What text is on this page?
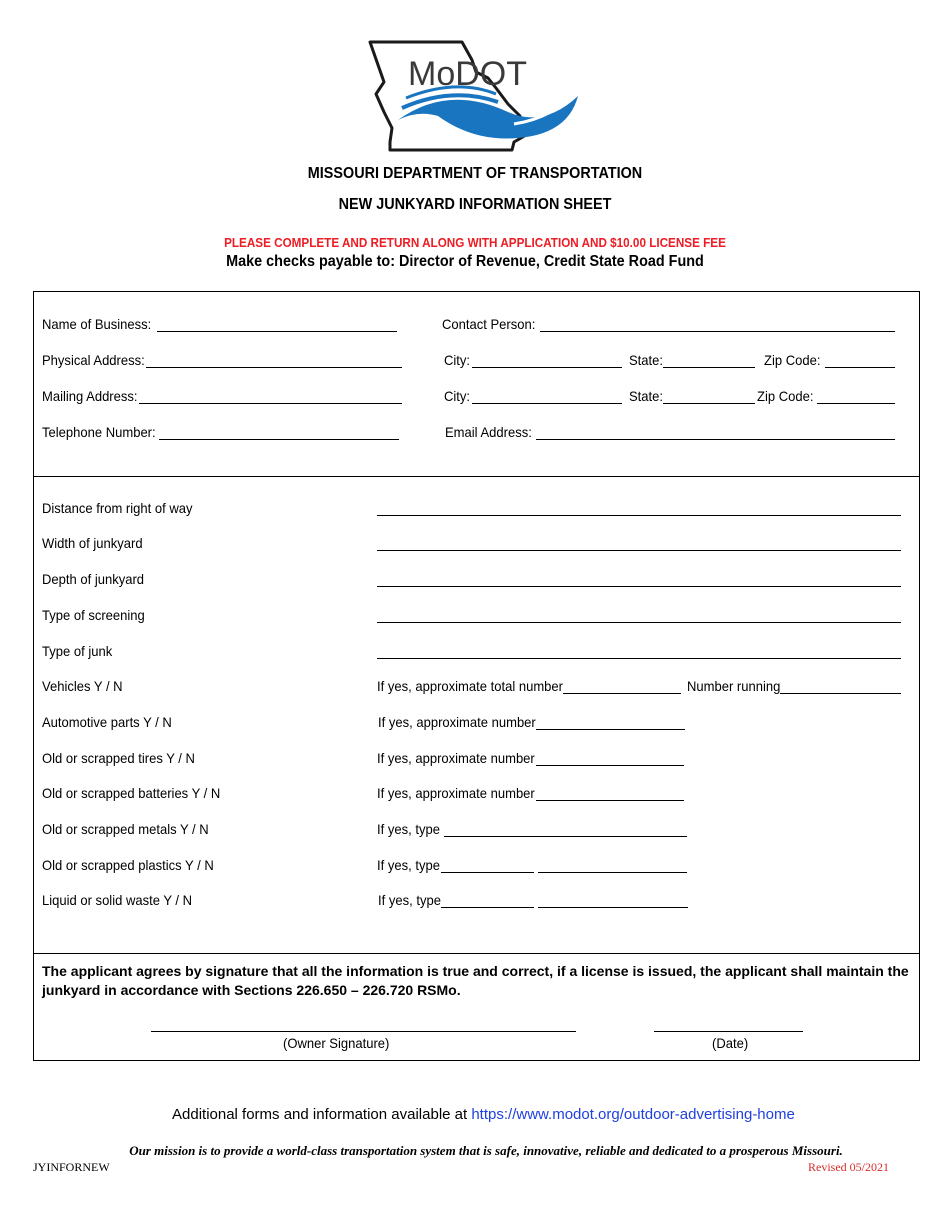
MoDOT
MISSOURI DEPARTMENT OF TRANSPORTATION
NEW JUNKYARD INFORMATION SHEET
PLEASE COMPLETE AND RETURN ALONG WITH APPLICATION AND $10.00 LICENSE FEE
Make checks payable to: Director of Revenue, Credit State Road Fund
Name of Business:	Contact Person:
Physical Address:	City:	State:	Zip Code:
Mailing Address:	City:	State:	Zip Code:
Telephone Number:	Email Address:
Distance from right of way
Width of junkyard
Depth of junkyard
Type of screening
Type of junk
Vehicles Y / N	If yes, approximate total number	Number running
Automotive parts Y / N	If yes, approximate number
Old or scrapped tires Y / N	If yes, approximate number
Old or scrapped batteries Y / N	If yes, approximate number
Old or scrapped metals Y / N	If yes, type
Old or scrapped plastics Y / N	If yes, type
Liquid or solid waste Y / N	If yes, type
The applicant agrees by signature that all the information is true and correct, if a license is issued, the applicant shall maintain the junkyard in accordance with Sections 226.650 – 226.720 RSMo.
(Owner Signature)	(Date)
Additional forms and information available at https://www.modot.org/outdoor-advertising-home
Our mission is to provide a world-class transportation system that is safe, innovative, reliable and dedicated to a prosperous Missouri.
JYINFORNEW	Revised 05/2021
